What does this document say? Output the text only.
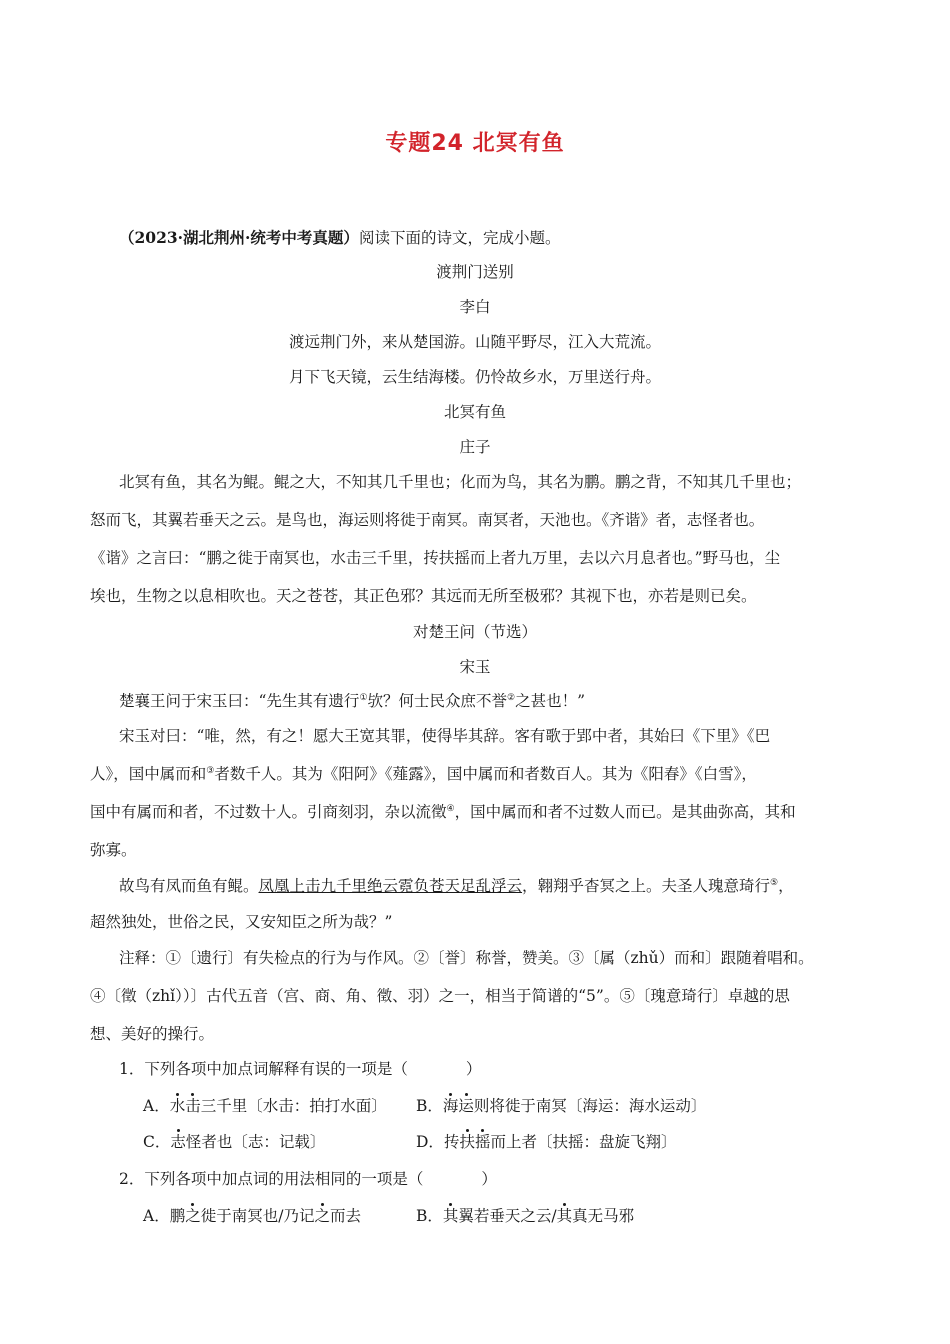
专题24 北冥有鱼
（2023·湖北荆州·统考中考真题）阅读下面的诗文，完成小题。
渡荆门送别
李白
渡远荆门外，来从楚国游。山随平野尽，江入大荒流。
月下飞天镜，云生结海楼。仍怜故乡水，万里送行舟。
北冥有鱼
庄子
北冥有鱼，其名为鲲。鲲之大，不知其几千里也；化而为鸟，其名为鹏。鹏之背，不知其几千里也；
怒而飞，其翼若垂天之云。是鸟也，海运则将徙于南冥。南冥者，天池也。《齐谐》者，志怪者也。
《谐》之言曰：“鹏之徙于南冥也，水击三千里，抟扶摇而上者九万里，去以六月息者也。”野马也，尘
埃也，生物之以息相吹也。天之苍苍，其正色邪？其远而无所至极邪？其视下也，亦若是则已矣。
对楚王问（节选）
宋玉
楚襄王问于宋玉曰：“先生其有遗行①欤？何士民众庶不誉②之甚也！”
宋玉对曰：“唯，然，有之！愿大王宽其罪，使得毕其辞。客有歌于郢中者，其始曰《下里》《巴
人》，国中属而和③者数千人。其为《阳阿》《薤露》，国中属而和者数百人。其为《阳春》《白雪》，
国中有属而和者，不过数十人。引商刻羽，杂以流徵④，国中属而和者不过数人而已。是其曲弥高，其和
弥寡。
故鸟有凤而鱼有鲲。凤凰上击九千里绝云霓负苍天足乱浮云，翱翔乎杳冥之上。夫圣人瑰意琦行⑤，
超然独处，世俗之民，又安知臣之所为哉？”
注释：①〔遗行〕有失检点的行为与作风。②〔誉〕称誉，赞美。③〔属（zhǔ）而和〕跟随着唱和。
④〔徵（zhǐ））〕古代五音（宫、商、角、徵、羽）之一，相当于简谱的“5”。⑤〔瑰意琦行〕卓越的思
想、美好的操行。
1．下列各项中加点词解释有误的一项是（	）
A．水击三千里〔水击：拍打水面〕 B．海运则将徙于南冥〔海运：海水运动〕
C．志怪者也〔志：记载〕	D．抟扶摇而上者〔扶摇：盘旋飞翔〕
2．下列各项中加点词的用法相同的一项是（	）
A．鹏之徙于南冥也/乃记之而去	B．其翼若垂天之云/其真无马邪
